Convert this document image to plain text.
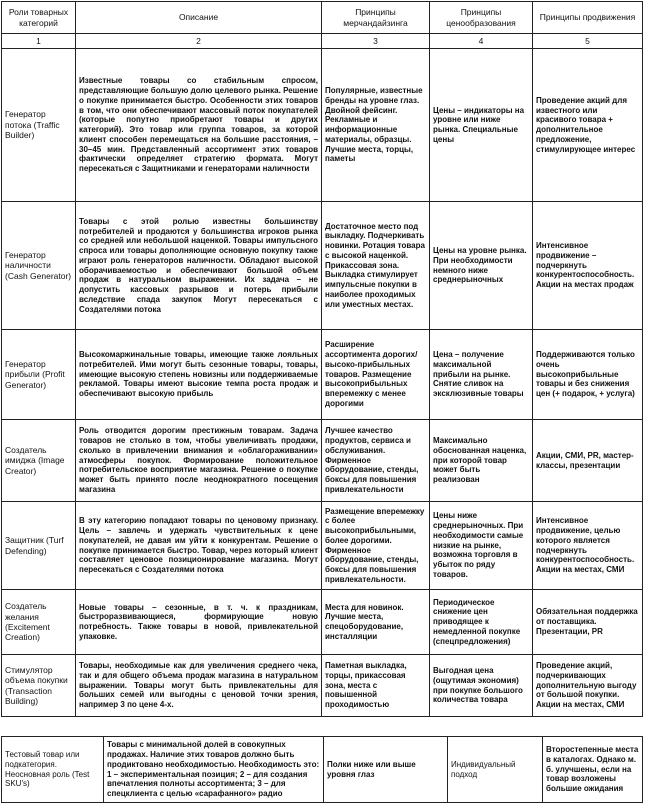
Роли товарных категорий	Описание	Принципы мерчандайзинга	Принципы ценообразования	Принципы продвижения
1	2	3	4	5
Генератор потока (Traffic Builder)	Известные товары со стабильным спросом, представляющие большую долю целевого рынка. Решение о покупке принимается быстро. Особенности этих товаров в том, что они обеспечивают массовый поток покупателей (которые попутно приобретают товары и других категорий). Это товар или группа товаров, за которой клиент способен перемещаться на большие расстояния, – 30–45 мин. Представленный ассортимент этих товаров фактически определяет стратегию формата. Могут пересекаться с Защитниками и генераторами наличности	Популярные, известные бренды на уровне глаз. Двойной фейсинг. Рекламные и информационные материалы, образцы. Лучшие места, торцы, паметы	Цены – индикаторы на уровне или ниже рынка. Специальные цены	Проведение акций для известного или красивого товара + дополнительное предложение, стимулирующее интерес
Генератор наличности (Cash Generator)	Товары с этой ролью известны большинству потребителей и продаются у большинства игроков рынка со средней или небольшой наценкой. Товары импульсного спроса или товары дополняющие основную покупку также играют роль генераторов наличности. Обладают высокой оборачиваемостью и обеспечивают большой объем продаж в натуральном выражении. Их задача – не допустить кассовых разрывов и потерь прибыли вследствие спада закупок Могут пересекаться с Создателями потока	Достаточное место под выкладку. Подчеркивать новинки. Ротация товара с высокой наценкой. Прикассовая зона. Выкладка стимулирует импульсные покупки в наиболее проходимых или уместных местах.	Цены на уровне рынка. При необходимости немного ниже среднерыночных	Интенсивное продвижение – подчеркнуть конкурентоспособность. Акции на местах продаж
Генератор прибыли (Profit Generator)	Высокомаржинальные товары, имеющие также лояльных потребителей. Ими могут быть сезонные товары, товары, имеющие высокую степень новизны или поддерживаемые рекламой. Товары имеют высокие темпа роста продаж и обеспечивают высокую прибыль	Расширение ассортимента дорогих/высоко-прибыльных товаров. Размещение высокоприбыльных вперемежку с менее дорогими	Цена – получение максимальной прибыли на рынке. Снятие сливок на эксклюзивные товары	Поддерживаются только очень высокоприбыльные товары и без снижения цен (+ подарок, + услуга)
Создатель имиджа (Image Creator)	Роль отводится дорогим престижным товарам. Задача товаров не столько в том, чтобы увеличивать продажи, сколько в привлечении внимания и «облагораживании» атмосферы покупок. Формирование положительное потребительское восприятие магазина. Решение о покупке может быть принято после неоднократного посещения магазина	Лучшее качество продуктов, сервиса и обслуживания. Фирменное оборудование, стенды, боксы для повышения привлекательности	Максимально обоснованная наценка, при которой товар может быть реализован	Акции, СМИ, PR, мастер-классы, презентации
Защитник (Turf Defending)	В эту категорию попадают товары по ценовому признаку. Цель – завлечь и удержать чувствительных к цене покупателей, не давая им уйти к конкурентам. Решение о покупке принимается быстро. Товар, через который клиент составляет ценовое позиционирование магазина. Могут пересекаться с Создателями потока	Размещение вперемежку с более высокоприбыльными, более дорогими. Фирменное оборудование, стенды, боксы для повышения привлекательности.	Цены ниже среднерыночных. При необходимости самые низкие на рынке, возможна торговля в убыток по ряду товаров.	Интенсивное продвижение, целью которого является подчеркнуть конкурентоспособность. Акции на местах, СМИ
Создатель желания (Excitement Creation)	Новые товары – сезонные, в т. ч. к праздникам, быстроразвивающиеся, формирующие новую потребность. Также товары в новой, привлекательной упаковке.	Места для новинок. Лучшие места, спецоборудование, инсталляции	Периодическое снижение цен приводящее к немедленной покупке (спецпредложения)	Обязательная поддержка от поставщика. Презентации, PR
Стимулятор объема покупки (Transaction Building)	Товары, необходимые как для увеличения среднего чека, так и для общего объема продаж магазина в натуральном выражении. Товары могут быть привлекательны для больших семей или выгодны с ценовой точки зрения, например 3 по цене 4-х.	Паметная выкладка, торцы, прикассовая зона, места с повышенной проходимостью	Выгодная цена (ощутимая экономия) при покупке большого количества товара	Проведение акций, подчеркивающих дополнительную выгоду от большой покупки. Акции на местах, СМИ
Тестовый товар или подкатегория. Неосновная роль (Test SKU's)	Товары с минимальной долей в совокупных продажах. Наличие этих товаров должно быть продиктовано необходимостью. Необходимость это: 1 – экспериментальная позиция; 2 – для создания впечатления полноты ассортимента; 3 – для спецклиента с целью «сарафанного» радио	Полки ниже или выше уровня глаз	Индивидуальный подход	Второстепенные места в каталогах. Однако м. б. улучшены, если на товар возложены большие ожидания
